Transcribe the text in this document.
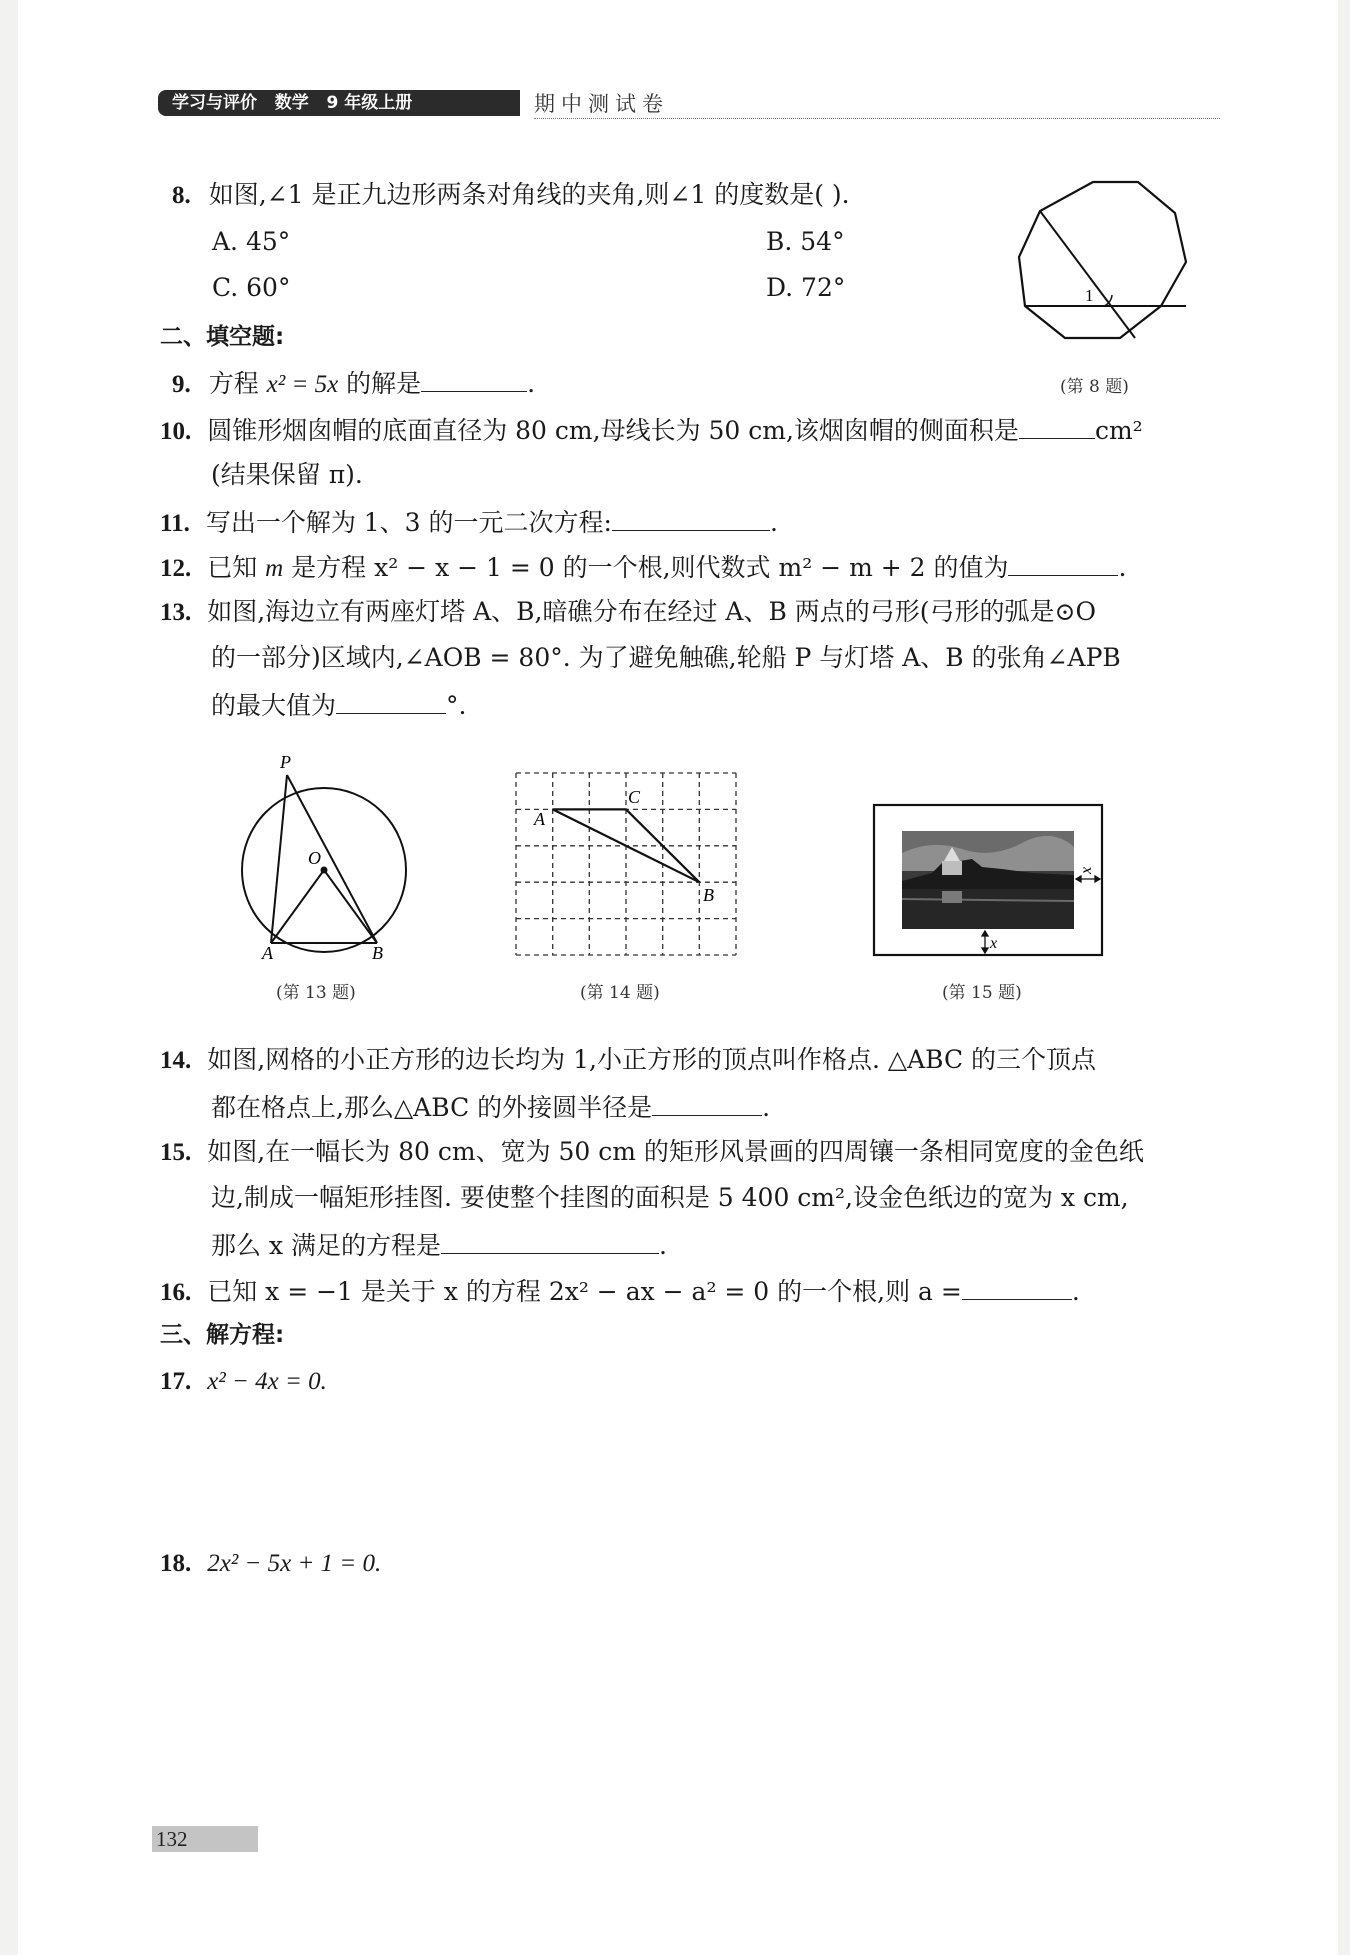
学习与评价   数学   9 年级上册	期中测试卷
8. 如图,∠1 是正九边形两条对角线的夹角,则∠1 的度数是( ).
A. 45°	B. 54°
C. 60°	D. 72°	1
(第 8 题)
二、填空题:
9. 方程 x² = 5x 的解是	.
10. 圆锥形烟囱帽的底面直径为 80 cm,母线长为 50 cm,该烟囱帽的侧面积是	cm²
(结果保留 π).
11. 写出一个解为 1、3 的一元二次方程:	.
12. 已知 m 是方程 x² − x − 1 = 0 的一个根,则代数式 m² − m + 2 的值为	.
13. 如图,海边立有两座灯塔 A、B,暗礁分布在经过 A、B 两点的弓形(弓形的弧是⊙O
的一部分)区域内,∠AOB = 80°. 为了避免触礁,轮船 P 与灯塔 A、B 的张角∠APB
的最大值为	°.
P
O
A	B
(第 13 题)
A
C
B
(第 14 题)
x
x
(第 15 题)
14. 如图,网格的小正方形的边长均为 1,小正方形的顶点叫作格点. △ABC 的三个顶点
都在格点上,那么△ABC 的外接圆半径是	.
15. 如图,在一幅长为 80 cm、宽为 50 cm 的矩形风景画的四周镶一条相同宽度的金色纸
边,制成一幅矩形挂图. 要使整个挂图的面积是 5 400 cm²,设金色纸边的宽为 x cm,
那么 x 满足的方程是	.
16. 已知 x = −1 是关于 x 的方程 2x² − ax − a² = 0 的一个根,则 a =	.
三、解方程:
17. x² − 4x = 0.
18. 2x² − 5x + 1 = 0.
132
